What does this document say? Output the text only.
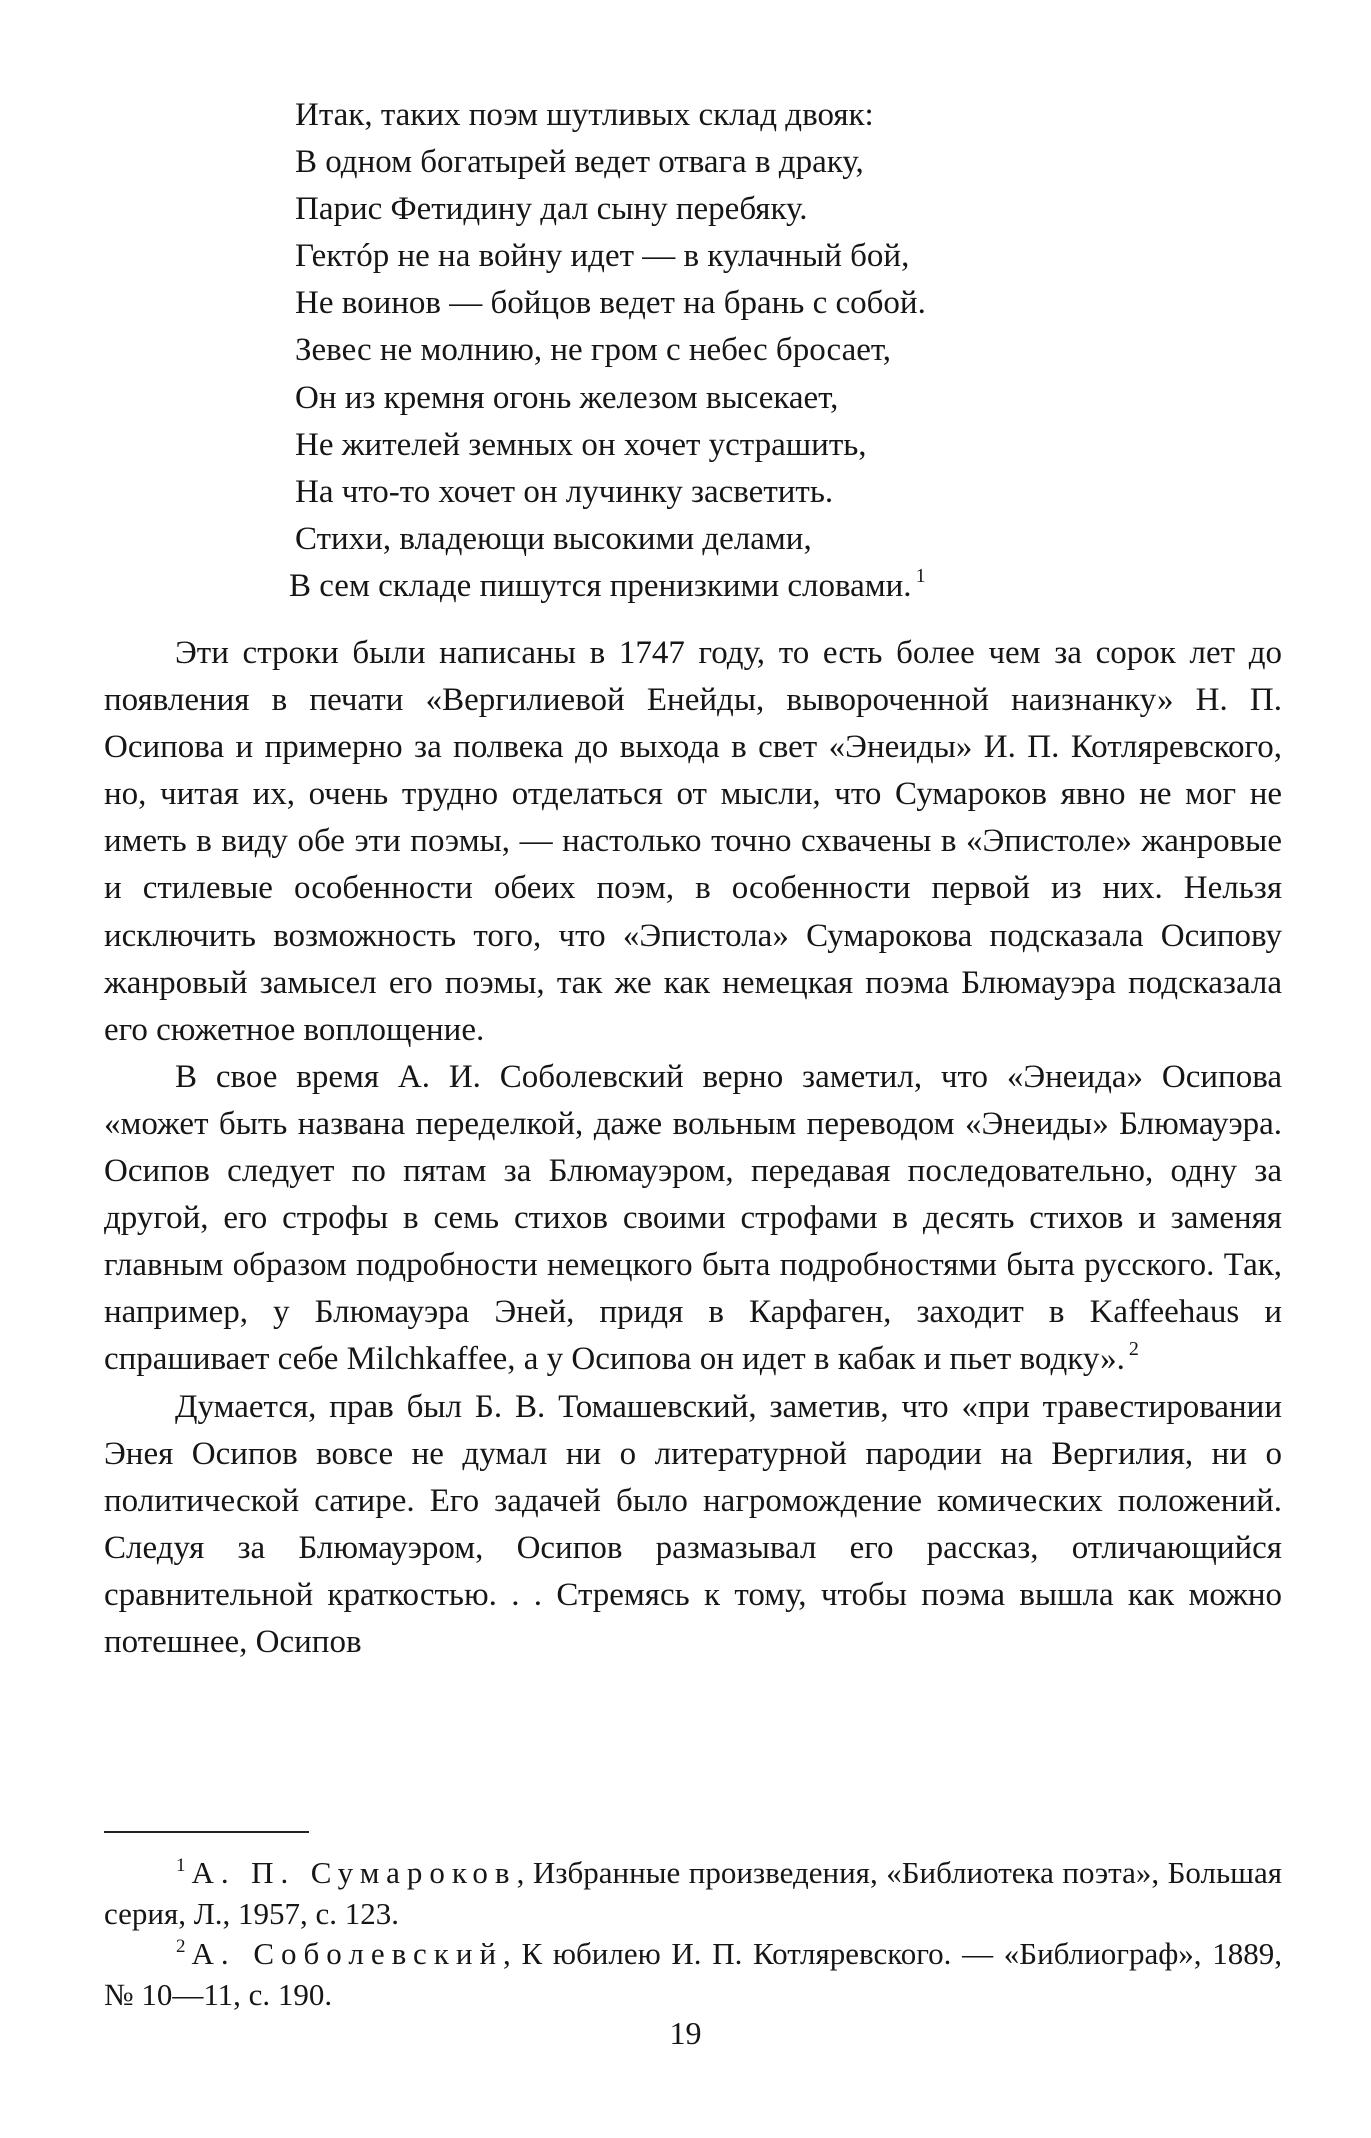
Итак, таких поэм шутливых склад двояк:
В одном богатырей ведет отвага в драку,
Парис Фетидину дал сыну перебяку.
Гектóр не на войну идет — в кулачный бой,
Не воинов — бойцов ведет на брань с собой.
Зевес не молнию, не гром с небес бросает,
Он из кремня огонь железом высекает,
Не жителей земных он хочет устрашить,
На что-то хочет он лучинку засветить.
Стихи, владеющи высокими делами,
В сем складе пишутся пренизкими словами. $^1$

Эти строки были написаны в 1747 году, то есть более чем за сорок лет до появления в печати «Вергилиевой Енейды, вывороченной наизнанку» Н. П. Осипова и примерно за полвека до выхода в свет «Энеиды» И. П. Котляревского, но, читая их, очень трудно отделаться от мысли, что Сумароков явно не мог не иметь в виду обе эти поэмы, — настолько точно схвачены в «Эпистоле» жанровые и стилевые особенности обеих поэм, в особенности первой из них. Нельзя исключить возможность того, что «Эпистола» Сумарокова подсказала Осипову жанровый замысел его поэмы, так же как немецкая поэма Блюмауэра подсказала его сюжетное воплощение.

В свое время А. И. Соболевский верно заметил, что «Энеида» Осипова «может быть названа переделкой, даже вольным переводом «Энеиды» Блюмауэра. Осипов следует по пятам за Блюмауэром, передавая последовательно, одну за другой, его строфы в семь стихов своими строфами в десять стихов и заменяя главным образом подробности немецкого быта подробностями быта русского. Так, например, у Блюмауэра Эней, придя в Карфаген, заходит в Kaffeehaus и спрашивает себе Milchkaffee, а у Осипова он идет в кабак и пьет водку». $^2$

Думается, прав был Б. В. Томашевский, заметив, что «при травестировании Энея Осипов вовсе не думал ни о литературной пародии на Вергилия, ни о политической сатире. Его задачей было нагромождение комических положений. Следуя за Блюмауэром, Осипов размазывал его рассказ, отличающийся сравнительной краткостью. . . Стремясь к тому, чтобы поэма вышла как можно потешнее, Осипов

$^1$ А. П. Сумароков, Избранные произведения, «Библиотека поэта», Большая серия, Л., 1957, с. 123.

$^2$ А. Соболевский, К юбилею И. П. Котляревского. — «Библиограф», 1889, № 10—11, с. 190.

19
